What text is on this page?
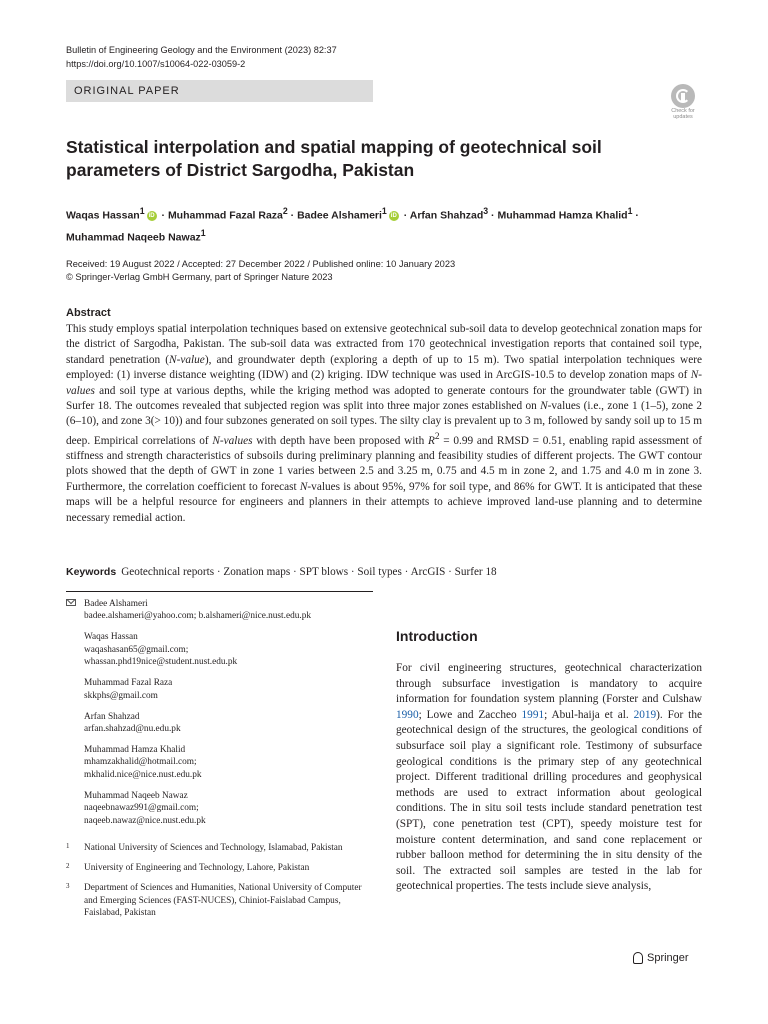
Bulletin of Engineering Geology and the Environment (2023) 82:37
https://doi.org/10.1007/s10064-022-03059-2
ORIGINAL PAPER
Check for
updates
Statistical interpolation and spatial mapping of geotechnical soil parameters of District Sargodha, Pakistan
Waqas Hassan$^1$ iD · Muhammad Fazal Raza$^2$ · Badee Alshameri$^1$ iD · Arfan Shahzad$^3$ · Muhammad Hamza Khalid$^1$ ·
Muhammad Naqeeb Nawaz$^1$
Received: 19 August 2022 / Accepted: 27 December 2022 / Published online: 10 January 2023
© Springer-Verlag GmbH Germany, part of Springer Nature 2023
Abstract
This study employs spatial interpolation techniques based on extensive geotechnical sub-soil data to develop geotechnical zonation maps for the district of Sargodha, Pakistan. The sub-soil data was extracted from 170 geotechnical investigation reports that contained soil type, standard penetration (N-value), and groundwater depth (exploring a depth of up to 15 m). Two spatial interpolation techniques were employed: (1) inverse distance weighting (IDW) and (2) kriging. IDW technique was used in ArcGIS-10.5 to develop zonation maps of N-values and soil type at various depths, while the kriging method was adopted to generate contours for the groundwater table (GWT) in Surfer 18. The outcomes revealed that subjected region was split into three major zones established on N-values (i.e., zone 1 (1–5), zone 2 (6–10), and zone 3(> 10)) and four subzones generated on soil types. The silty clay is prevalent up to 3 m, followed by sandy soil up to 15 m deep. Empirical correlations of N-values with depth have been proposed with $R^2 = 0.99$ and RMSD = 0.51, enabling rapid assessment of stiffness and strength characteristics of subsoils during preliminary planning and feasibility studies of different projects. The GWT contour plots showed that the depth of GWT in zone 1 varies between 2.5 and 3.25 m, 0.75 and 4.5 m in zone 2, and 1.75 and 4.0 m in zone 3. Furthermore, the correlation coefficient to forecast N-values is about 95%, 97% for soil type, and 86% for GWT. It is anticipated that these maps will be a helpful resource for engineers and planners in their attempts to achieve improved land-use planning and to determine necessary remedial action.
Keywords Geotechnical reports · Zonation maps · SPT blows · Soil types · ArcGIS · Surfer 18
Badee Alshameri
badee.alshameri@yahoo.com; b.alshameri@nice.nust.edu.pk
Waqas Hassan
waqashasan65@gmail.com;
whassan.phd19nice@student.nust.edu.pk
Muhammad Fazal Raza
skkphs@gmail.com
Arfan Shahzad
arfan.shahzad@nu.edu.pk
Muhammad Hamza Khalid
mhamzakhalid@hotmail.com;
mkhalid.nice@nice.nust.edu.pk
Muhammad Naqeeb Nawaz
naqeebnawaz991@gmail.com;
naqeeb.nawaz@nice.nust.edu.pk
1 National University of Sciences and Technology, Islamabad, Pakistan
2 University of Engineering and Technology, Lahore, Pakistan
3 Department of Sciences and Humanities, National University of Computer and Emerging Sciences (FAST-NUCES), Chiniot-Faislabad Campus, Faislabad, Pakistan
Introduction
For civil engineering structures, geotechnical characterization through subsurface investigation is mandatory to acquire information for foundation system planning (Forster and Culshaw 1990; Lowe and Zaccheo 1991; Abul-haija et al. 2019). For the geotechnical design of the structures, the geological conditions of subsurface soil play a significant role. Testimony of subsurface geological conditions is the primary step of any geotechnical project. Different traditional drilling procedures and geophysical methods are used to extract information about geological conditions. The in situ soil tests include standard penetration test (SPT), cone penetration test (CPT), speedy moisture test for moisture content determination, and sand cone replacement or rubber balloon method for determining the in situ density of the soil. The extracted soil samples are tested in the lab for geotechnical properties. The tests include sieve analysis,
Springer
